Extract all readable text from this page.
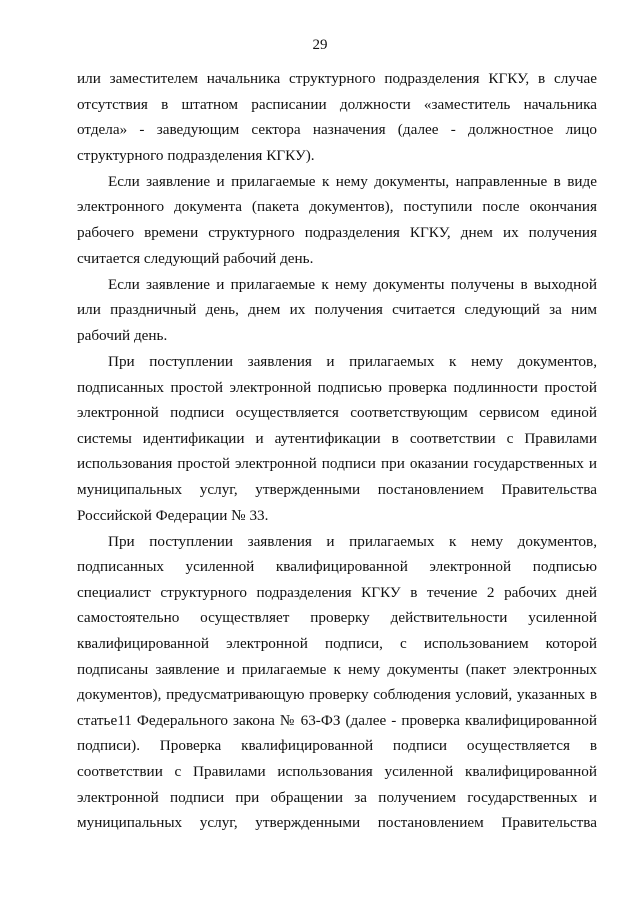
29
или заместителем начальника структурного подразделения КГКУ, в случае
отсутствия в штатном расписании должности «заместитель начальника
отдела» - заведующим сектора назначения (далее - должностное лицо
структурного подразделения КГКУ).
Если заявление и прилагаемые к нему документы, направленные в виде
электронного документа (пакета документов), поступили после окончания
рабочего времени структурного подразделения КГКУ, днем их получения
считается следующий рабочий день.
Если заявление и прилагаемые к нему документы получены в выходной
или праздничный день, днем их получения считается следующий за ним
рабочий день.
При поступлении заявления и прилагаемых к нему документов,
подписанных простой электронной подписью проверка подлинности простой
электронной подписи осуществляется соответствующим сервисом единой
системы идентификации и аутентификации в соответствии с Правилами
использования простой электронной подписи при оказании государственных и
муниципальных услуг, утвержденными постановлением Правительства
Российской Федерации № 33.
При поступлении заявления и прилагаемых к нему документов,
подписанных усиленной квалифицированной электронной подписью
специалист структурного подразделения КГКУ в течение 2 рабочих дней
самостоятельно осуществляет проверку действительности усиленной
квалифицированной электронной подписи, с использованием которой
подписаны заявление и прилагаемые к нему документы (пакет электронных
документов), предусматривающую проверку соблюдения условий, указанных в
статье11 Федерального закона № 63-ФЗ (далее - проверка квалифицированной
подписи). Проверка квалифицированной подписи осуществляется в
соответствии с Правилами использования усиленной квалифицированной
электронной подписи при обращении за получением государственных и
муниципальных услуг, утвержденными постановлением Правительства
